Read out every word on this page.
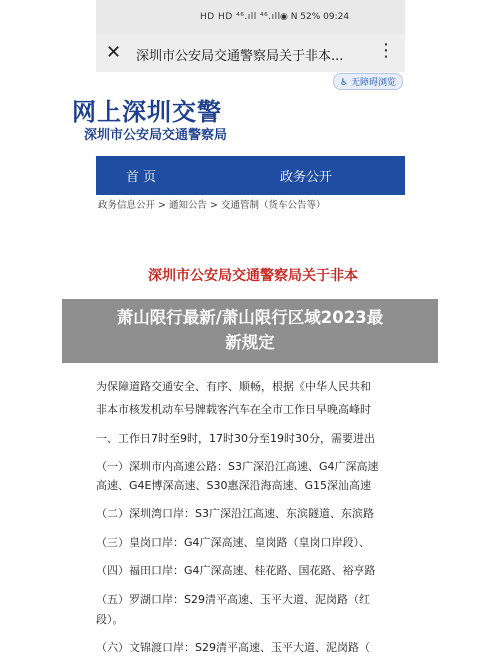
HD HD ⁴⁶.ıll ⁴⁶.ıll ◉ N 52% 09:24
✕ 深圳市公安局交通警察局关于非本...	⋮
♿ 无障碍浏览
网上深圳交警
深圳市公安局交通警察局
首 页	政务公开
政务信息公开 > 通知公告 > 交通管制（货车公告等）
深圳市公安局交通警察局关于非本
为保障道路交通安全、有序、顺畅，根据《中华人民共和
非本市核发机动车号牌载客汽车在全市工作日早晚高峰时
一、工作日7时至9时，17时30分至19时30分，需要进出
（一）深圳市内高速公路：S3广深沿江高速、G4广深高速
高速、G4E博深高速、S30惠深沿海高速、G15深汕高速
（二）深圳湾口岸：S3广深沿江高速、东滨隧道、东滨路
（三）皇岗口岸：G4广深高速、皇岗路（皇岗口岸段）、
（四）福田口岸：G4广深高速、桂花路、国花路、裕亨路
（五）罗湖口岸：S29清平高速、玉平大道、泥岗路（红
段）。
（六）文锦渡口岸：S29清平高速、玉平大道、泥岗路（
萧山限行最新/萧山限行区域2023最
新规定
